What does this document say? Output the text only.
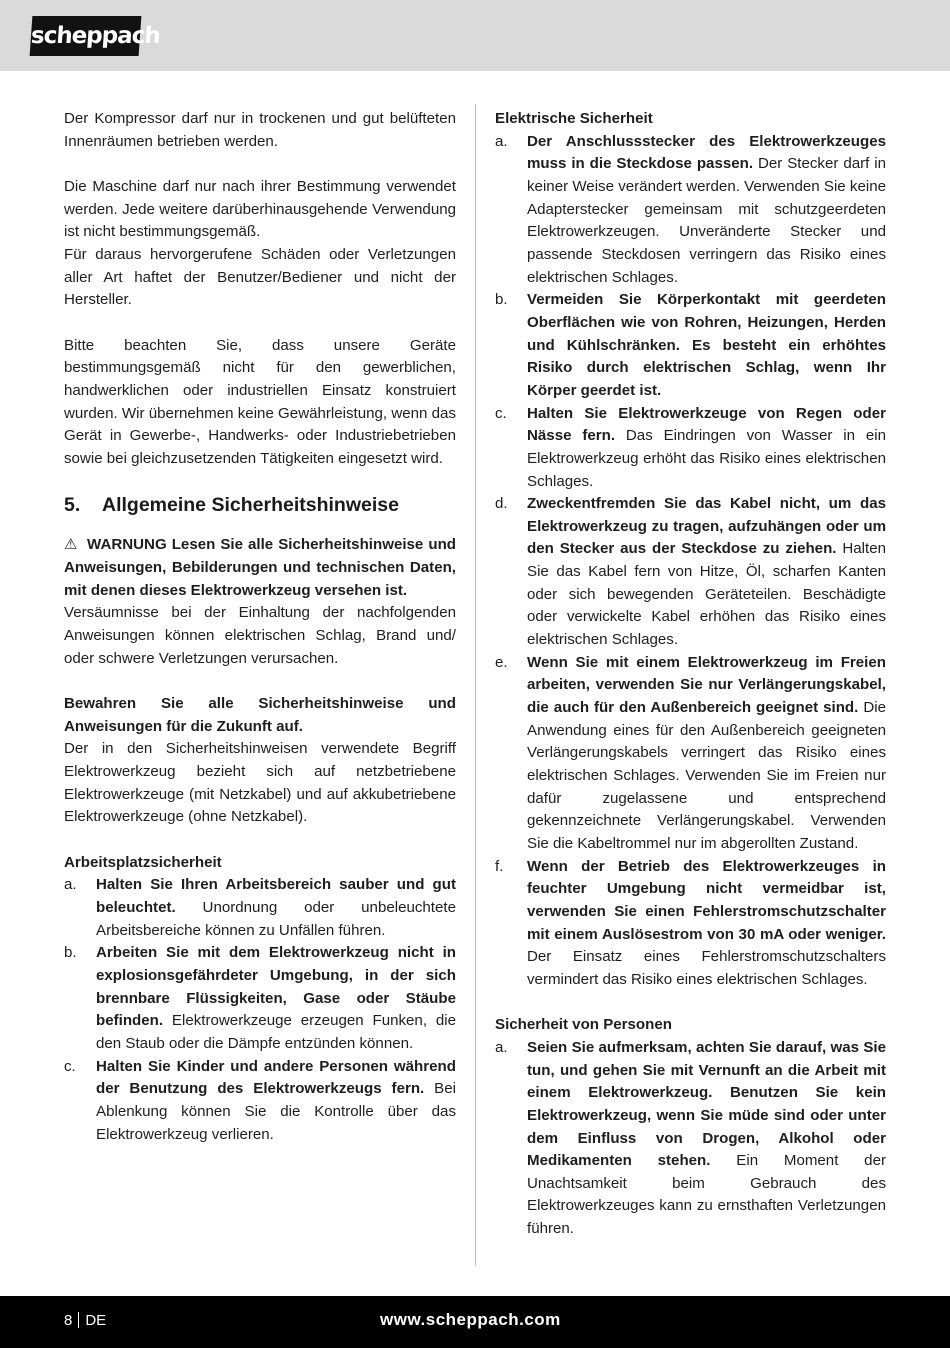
scheppach

Der Kompressor darf nur in trockenen und gut belüfteten Innenräumen betrieben werden.

Die Maschine darf nur nach ihrer Bestimmung verwendet werden. Jede weitere darüberhinausgehende Verwendung ist nicht bestimmungsgemäß.

Für daraus hervorgerufene Schäden oder Verletzungen aller Art haftet der Benutzer/Bediener und nicht der Hersteller.

Bitte beachten Sie, dass unsere Geräte bestimmungsgemäß nicht für den gewerblichen, handwerklichen oder industriellen Einsatz konstruiert wurden. Wir übernehmen keine Gewährleistung, wenn das Gerät in Gewerbe-, Handwerks- oder Industriebetrieben sowie bei gleichzusetzenden Tätigkeiten eingesetzt wird.

5.	Allgemeine Sicherheitshinweise

⚠ WARNUNG Lesen Sie alle Sicherheitshinweise und Anweisungen, Bebilderungen und technischen Daten, mit denen dieses Elektrowerkzeug versehen ist.

Versäumnisse bei der Einhaltung der nachfolgenden Anweisungen können elektrischen Schlag, Brand und/ oder schwere Verletzungen verursachen.

Bewahren Sie alle Sicherheitshinweise und Anweisungen für die Zukunft auf.

Der in den Sicherheitshinweisen verwendete Begriff Elektrowerkzeug bezieht sich auf netzbetriebene Elektrowerkzeuge (mit Netzkabel) und auf akkubetriebene Elektrowerkzeuge (ohne Netzkabel).

Arbeitsplatzsicherheit

a.	Halten Sie Ihren Arbeitsbereich sauber und gut beleuchtet. Unordnung oder unbeleuchtete Arbeitsbereiche können zu Unfällen führen.
b.	Arbeiten Sie mit dem Elektrowerkzeug nicht in explosionsgefährdeter Umgebung, in der sich brennbare Flüssigkeiten, Gase oder Stäube befinden. Elektrowerkzeuge erzeugen Funken, die den Staub oder die Dämpfe entzünden können.
c.	Halten Sie Kinder und andere Personen während der Benutzung des Elektrowerkzeugs fern. Bei Ablenkung können Sie die Kontrolle über das Elektrowerkzeug verlieren.

Elektrische Sicherheit

a.	Der Anschlussstecker des Elektrowerkzeuges muss in die Steckdose passen. Der Stecker darf in keiner Weise verändert werden. Verwenden Sie keine Adapterstecker gemeinsam mit schutzgeerdeten Elektrowerkzeugen. Unveränderte Stecker und passende Steckdosen verringern das Risiko eines elektrischen Schlages.
b.	Vermeiden Sie Körperkontakt mit geerdeten Oberflächen wie von Rohren, Heizungen, Herden und Kühlschränken. Es besteht ein erhöhtes Risiko durch elektrischen Schlag, wenn Ihr Körper geerdet ist.
c.	Halten Sie Elektrowerkzeuge von Regen oder Nässe fern. Das Eindringen von Wasser in ein Elektrowerkzeug erhöht das Risiko eines elektrischen Schlages.
d.	Zweckentfremden Sie das Kabel nicht, um das Elektrowerkzeug zu tragen, aufzuhängen oder um den Stecker aus der Steckdose zu ziehen. Halten Sie das Kabel fern von Hitze, Öl, scharfen Kanten oder sich bewegenden Geräteteilen. Beschädigte oder verwickelte Kabel erhöhen das Risiko eines elektrischen Schlages.
e.	Wenn Sie mit einem Elektrowerkzeug im Freien arbeiten, verwenden Sie nur Verlängerungskabel, die auch für den Außenbereich geeignet sind. Die Anwendung eines für den Außenbereich geeigneten Verlängerungskabels verringert das Risiko eines elektrischen Schlages. Verwenden Sie im Freien nur dafür zugelassene und entsprechend gekennzeichnete Verlängerungskabel. Verwenden Sie die Kabeltrommel nur im abgerollten Zustand.
f.	Wenn der Betrieb des Elektrowerkzeuges in feuchter Umgebung nicht vermeidbar ist, verwenden Sie einen Fehlerstromschutzschalter mit einem Auslösestrom von 30 mA oder weniger. Der Einsatz eines Fehlerstromschutzschalters vermindert das Risiko eines elektrischen Schlages.

Sicherheit von Personen

a.	Seien Sie aufmerksam, achten Sie darauf, was Sie tun, und gehen Sie mit Vernunft an die Arbeit mit einem Elektrowerkzeug. Benutzen Sie kein Elektrowerkzeug, wenn Sie müde sind oder unter dem Einfluss von Drogen, Alkohol oder Medikamenten stehen. Ein Moment der Unachtsamkeit beim Gebrauch des Elektrowerkzeuges kann zu ernsthaften Verletzungen führen.
8 DE	www.scheppach.com
